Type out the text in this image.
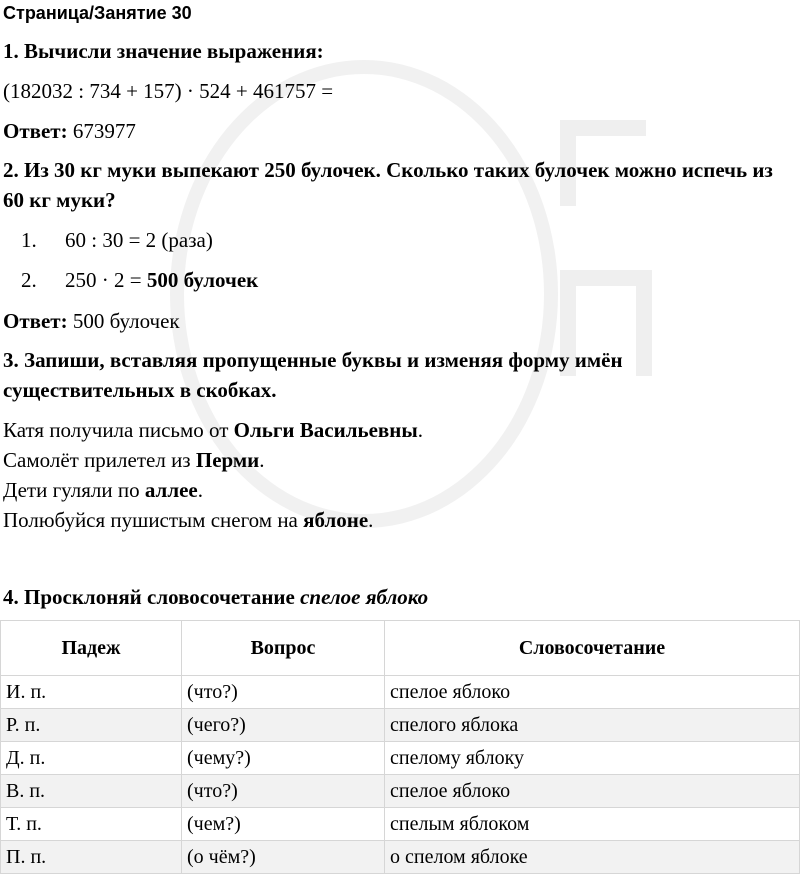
Страница/Занятие 30

1. Вычисли значение выражения:

(182032 : 734 + 157) · 524 + 461757 =

Ответ: 673977

2. Из 30 кг муки выпекают 250 булочек. Сколько таких булочек можно испечь из 60 кг муки?

1. 60 : 30 = 2 (раза)

2. 250 · 2 = 500 булочек

Ответ: 500 булочек

3. Запиши, вставляя пропущенные буквы и изменяя форму имён существительных в скобках.

Катя получила письмо от Ольги Васильевны.

Самолёт прилетел из Перми.

Дети гуляли по аллее.

Полюбуйся пушистым снегом на яблоне.

4. Просклоняй словосочетание спелое яблоко

Падеж	Вопрос	Словосочетание
И. п.	(что?)	спелое яблоко
Р. п.	(чего?)	спелого яблока
Д. п.	(чему?)	спелому яблоку
В. п.	(что?)	спелое яблоко
Т. п.	(чем?)	спелым яблоком
П. п.	(о чём?)	о спелом яблоке
